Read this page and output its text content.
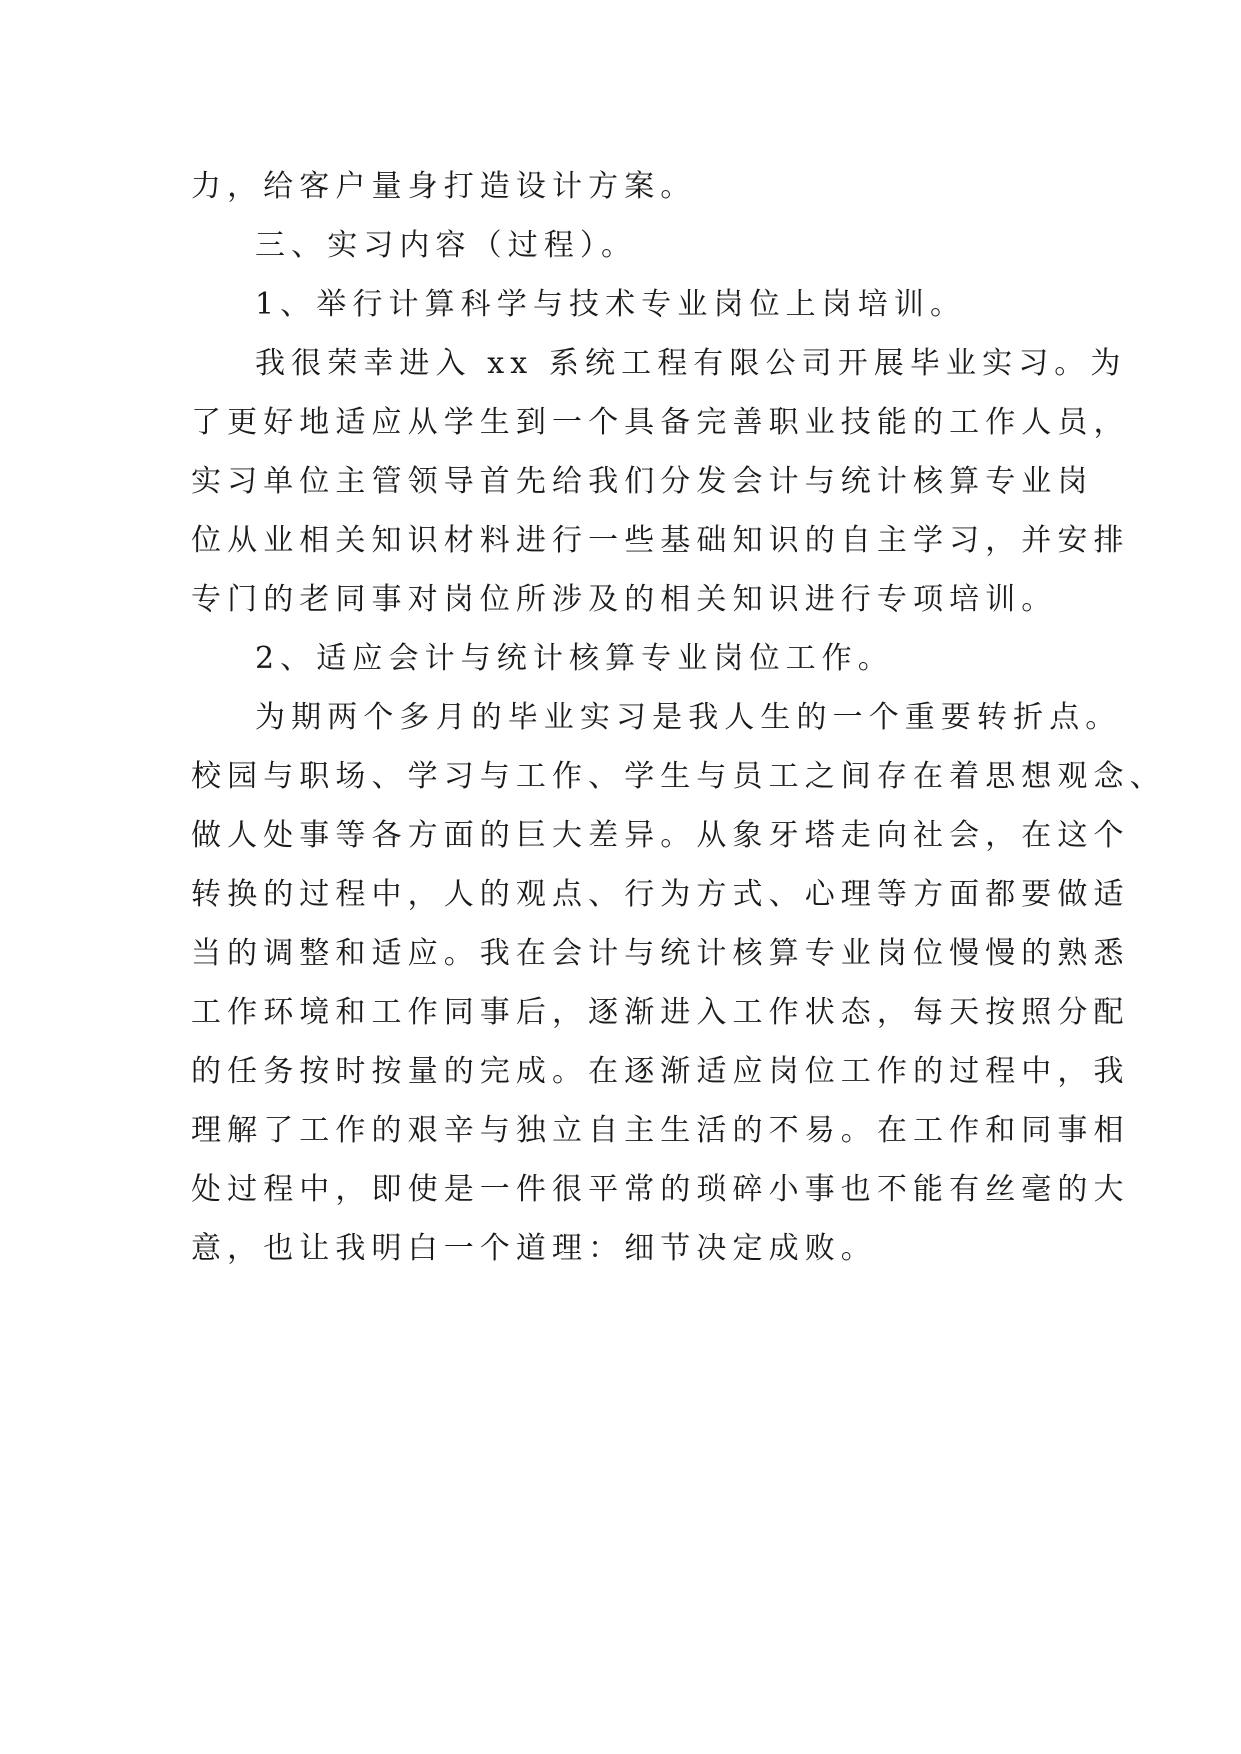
力，给客户量身打造设计方案。
三、实习内容（过程）。
1、举行计算科学与技术专业岗位上岗培训。
我很荣幸进入 xx 系统工程有限公司开展毕业实习。为
了更好地适应从学生到一个具备完善职业技能的工作人员，
实习单位主管领导首先给我们分发会计与统计核算专业岗
位从业相关知识材料进行一些基础知识的自主学习，并安排
专门的老同事对岗位所涉及的相关知识进行专项培训。
2、适应会计与统计核算专业岗位工作。
为期两个多月的毕业实习是我人生的一个重要转折点。
校园与职场、学习与工作、学生与员工之间存在着思想观念、
做人处事等各方面的巨大差异。从象牙塔走向社会，在这个
转换的过程中，人的观点、行为方式、心理等方面都要做适
当的调整和适应。我在会计与统计核算专业岗位慢慢的熟悉
工作环境和工作同事后，逐渐进入工作状态，每天按照分配
的任务按时按量的完成。在逐渐适应岗位工作的过程中，我
理解了工作的艰辛与独立自主生活的不易。在工作和同事相
处过程中，即使是一件很平常的琐碎小事也不能有丝毫的大
意，也让我明白一个道理：细节决定成败。
